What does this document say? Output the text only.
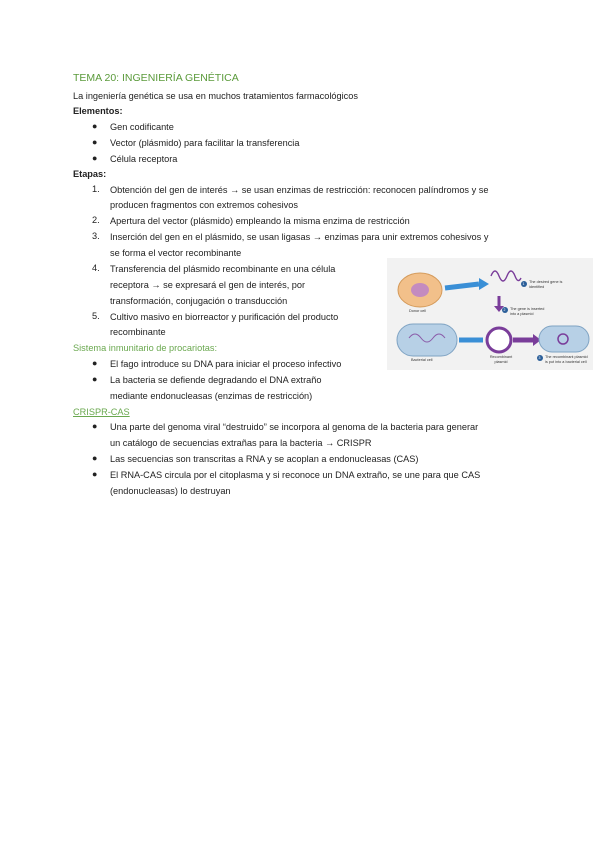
TEMA 20: INGENIERÍA GENÉTICA
La ingeniería genética se usa en muchos tratamientos farmacológicos
Elementos:
● Gen codificante
● Vector (plásmido) para facilitar la transferencia
● Célula receptora
Etapas:
1. Obtención del gen de interés → se usan enzimas de restricción: reconocen palíndromos y se
producen fragmentos con extremos cohesivos
2. Apertura del vector (plásmido) empleando la misma enzima de restricción
3. Inserción del gen en el plásmido, se usan ligasas → enzimas para unir extremos cohesivos y
se forma el vector recombinante
4. Transferencia del plásmido recombinante en una célula
receptora → se expresará el gen de interés, por
transformación, conjugación o transducción
5. Cultivo masivo en biorreactor y purificación del producto
recombinante
Sistema inmunitario de procariotas:
● El fago introduce su DNA para iniciar el proceso infectivo
● La bacteria se defiende degradando el DNA extraño
mediante endonucleasas (enzimas de restricción)
CRISPR-CAS
● Una parte del genoma viral “destruido” se incorpora al genoma de la bacteria para generar
un catálogo de secuencias extrañas para la bacteria → CRISPR
● Las secuencias son transcritas a RNA y se acoplan a endonucleasas (CAS)
● El RNA-CAS circula por el citoplasma y si reconoce un DNA extraño, se une para que CAS
(endonucleasas) lo destruyan
1
2
3
The desired gene is identified
The gene is inserted into a plasmid
The recombinant plasmid is put into a bacterial cell
Donor cell
Bacterial cell
Recombinant plasmid
